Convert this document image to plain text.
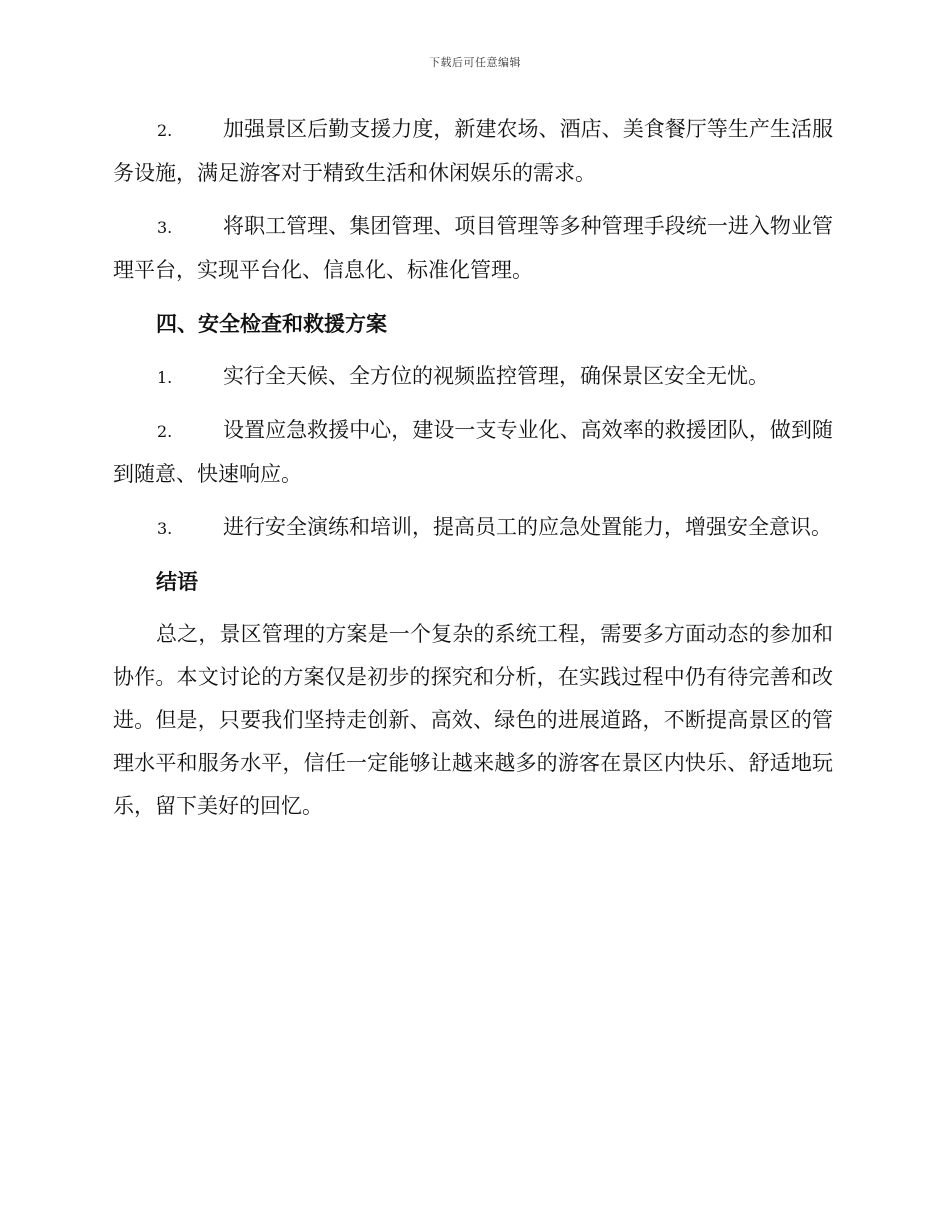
下载后可任意编辑

2. 加强景区后勤支援力度，新建农场、酒店、美食餐厅等生产生活服务设施，满足游客对于精致生活和休闲娱乐的需求。

3. 将职工管理、集团管理、项目管理等多种管理手段统一进入物业管理平台，实现平台化、信息化、标准化管理。

四、安全检查和救援方案

1. 实行全天候、全方位的视频监控管理，确保景区安全无忧。

2. 设置应急救援中心，建设一支专业化、高效率的救援团队，做到随到随意、快速响应。

3. 进行安全演练和培训，提高员工的应急处置能力，增强安全意识。

结语

总之，景区管理的方案是一个复杂的系统工程，需要多方面动态的参加和协作。本文讨论的方案仅是初步的探究和分析，在实践过程中仍有待完善和改进。但是，只要我们坚持走创新、高效、绿色的进展道路，不断提高景区的管理水平和服务水平，信任一定能够让越来越多的游客在景区内快乐、舒适地玩乐，留下美好的回忆。
